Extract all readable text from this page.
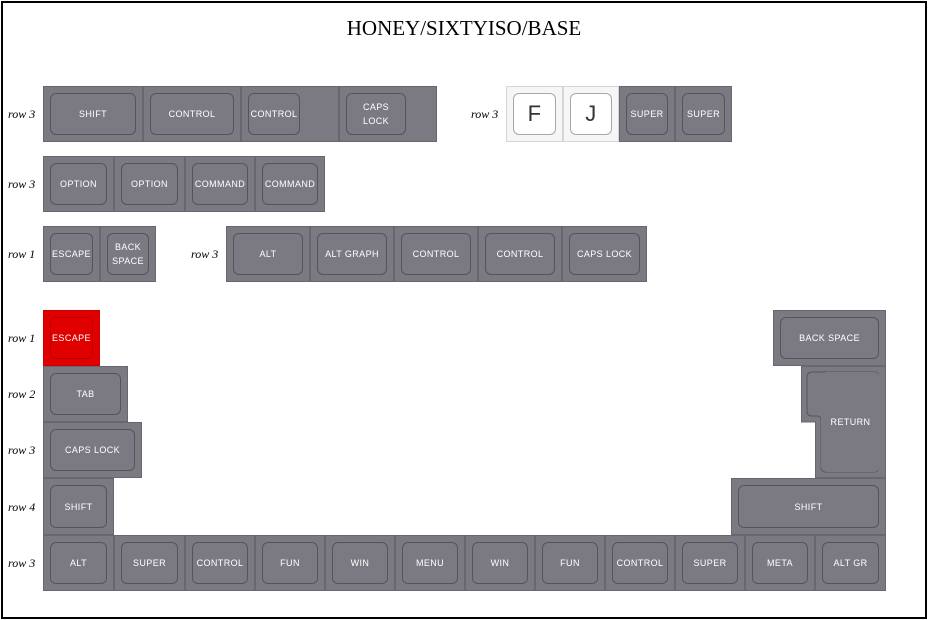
HONEY/SIXTYISO/BASE
row 3	SHIFT	CONTROL	CONTROL
CAPS
LOCK	row 3	F	J	SUPER	SUPER
row 3	OPTION	OPTION	COMMAND	COMMAND
row 1 ESCAPE
BACK
SPACE	row 3	ALT	ALT GRAPH	CONTROL	CONTROL	CAPS LOCK
row 1
row 2
row 3
row 4
row 3
ESCAPE
TAB
CAPS LOCK
SHIFT
BACK SPACE
RETURN
SHIFT
ALT	SUPER	CONTROL	FUN	WIN	MENU	WIN	FUN	CONTROL	SUPER	META	ALT GR
